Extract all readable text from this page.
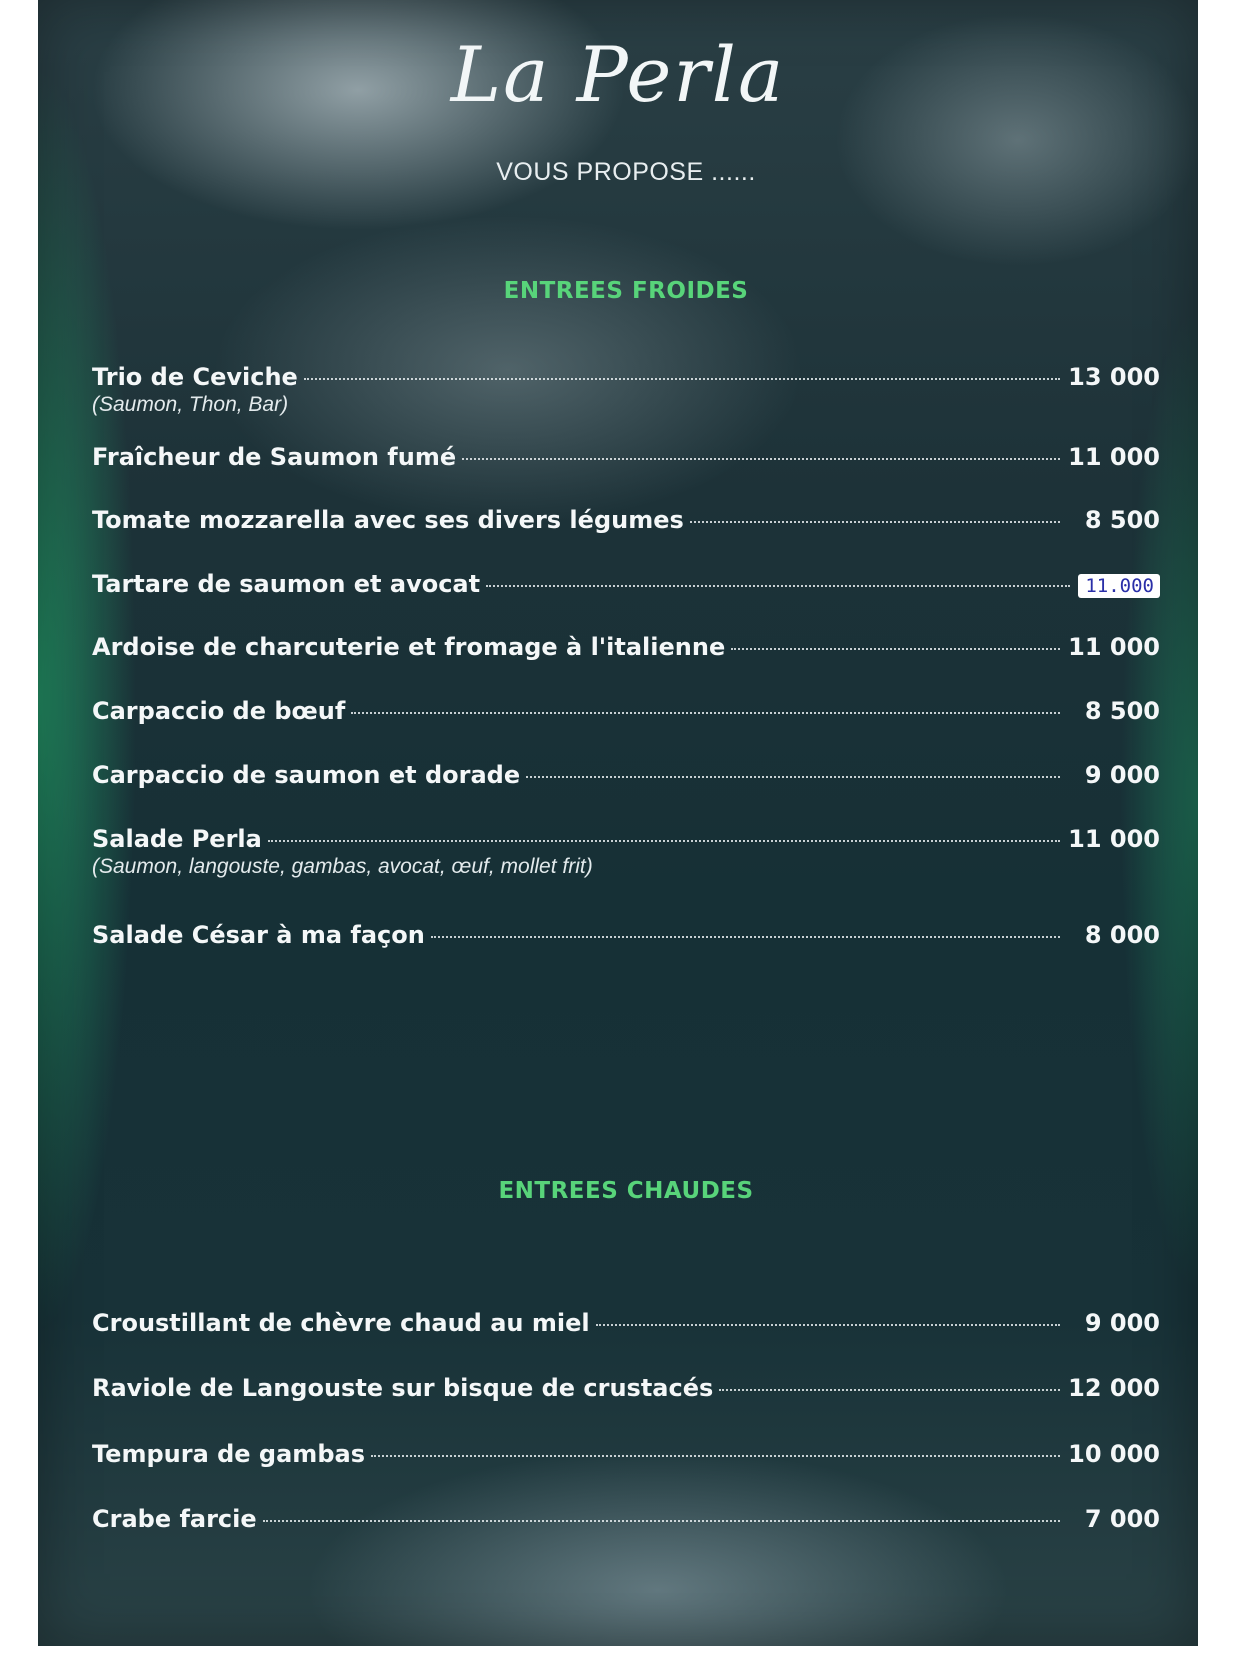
La Perla
VOUS PROPOSE ......
ENTREES FROIDES
Trio de Ceviche	13 000
(Saumon, Thon, Bar)
Fraîcheur de Saumon fumé	11 000
Tomate mozzarella avec ses divers légumes	8 500
Tartare de saumon et avocat	11.000
Ardoise de charcuterie et fromage à l'italienne	11 000
Carpaccio de bœuf	8 500
Carpaccio de saumon et dorade	9 000
Salade Perla	11 000
(Saumon, langouste, gambas, avocat, œuf, mollet frit)
Salade César à ma façon	8 000
ENTREES CHAUDES
Croustillant de chèvre chaud au miel	9 000
Raviole de Langouste sur bisque de crustacés	12 000
Tempura de gambas	10 000
Crabe farcie	7 000
